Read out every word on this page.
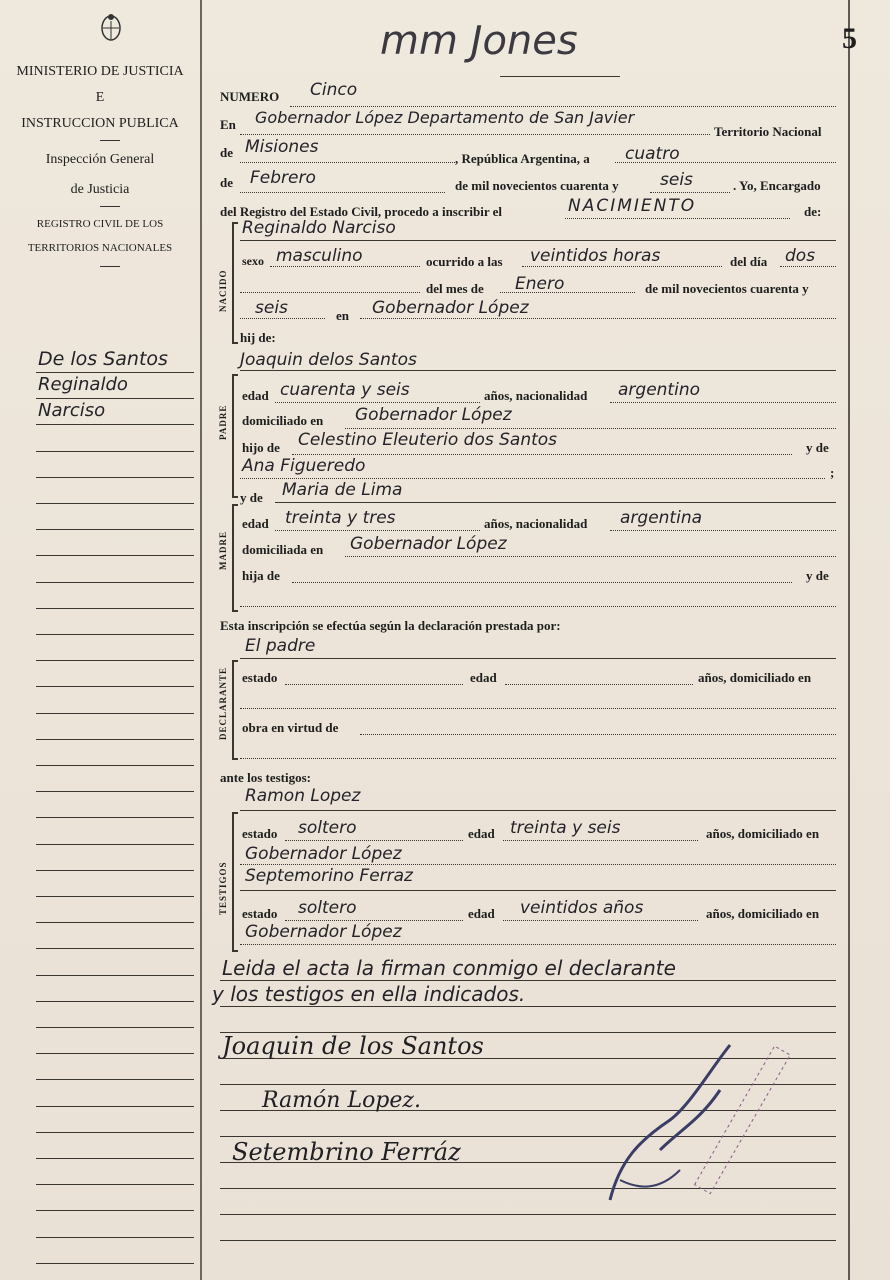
MINISTERIO DE JUSTICIA
E
INSTRUCCION PUBLICA
Inspección General
de Justicia
REGISTRO CIVIL DE LOS
TERRITORIOS NACIONALES
De los Santos
Reginaldo
Narciso
5
mm Jones
NUMERO Cinco
En Gobernador López Departamento de San Javier
Territorio Nacional
de Misiones
, República Argentina, a cuatro
de Febrero	de mil novecientos cuarenta y seis	. Yo, Encargado
del Registro del Estado Civil, procedo a inscribir el	NACIMIENTO	de:
NACIDO
Reginaldo Narciso
sexo masculino	ocurrido a las veintidos horas	del día dos
del mes de Enero	de mil novecientos cuarenta y
seis	en Gobernador López
hij de:
Joaquin delos Santos
PADRE
edad cuarenta y seis	años, nacionalidad argentino
domiciliado en Gobernador López
hijo de Celestino Eleuterio dos Santos	y de
Ana Figueredo	;
y de Maria de Lima
MADRE
edad treinta y tres	años, nacionalidad argentina
domiciliada en Gobernador López
hija de	y de
Esta inscripción se efectúa según la declaración prestada por:
El padre
DECLARANTE estado	edad	años, domiciliado en
obra en virtud de
ante los testigos:
Ramon Lopez
TESTIGOS
estado soltero	edad treinta y seis	años, domiciliado en
Gobernador López
Septemorino Ferraz
estado soltero	edad veintidos años	años, domiciliado en
Gobernador López
Leida el acta la firman conmigo el declarante
y los testigos en ella indicados.
Joaquin de los Santos
Ramón Lopez.
Setembrino Ferráz
